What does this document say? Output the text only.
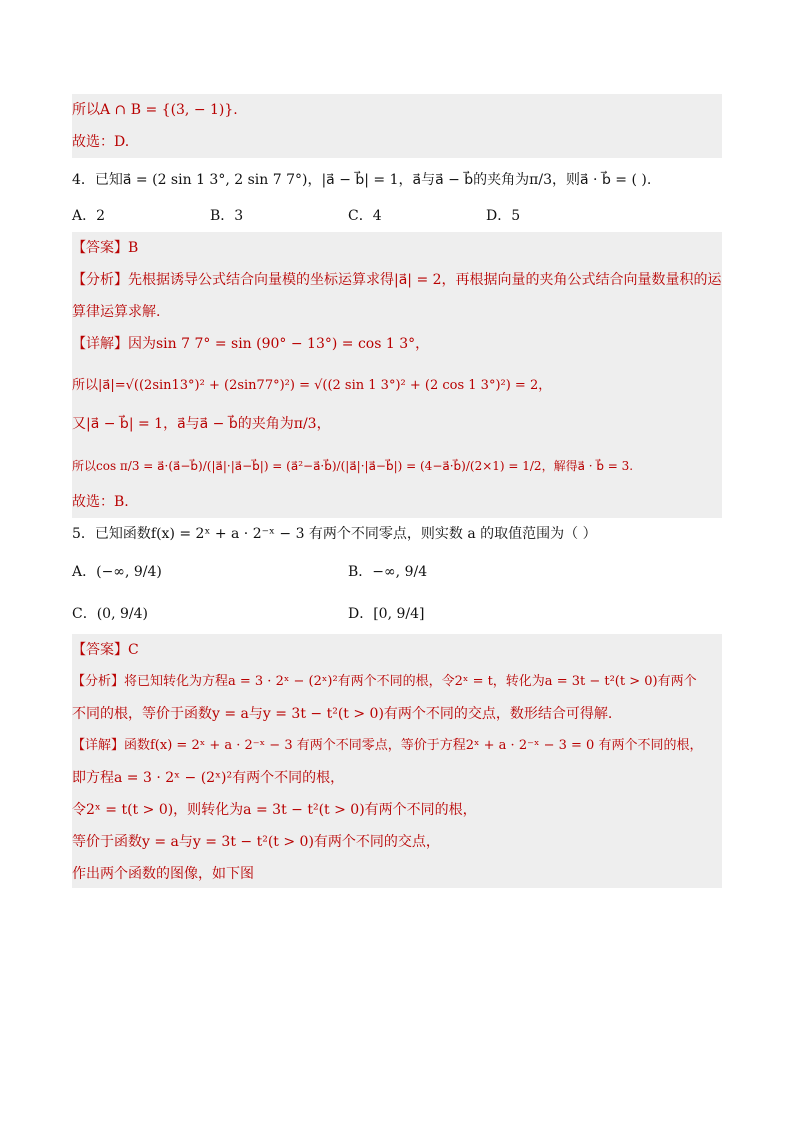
所以A ∩ B = {(3, − 1)}.
故选：D.
4．已知a⃗ = (2 sin 1 3°, 2 sin 7 7°)，|a⃗ − b⃗| = 1，a⃗与a⃗ − b⃗的夹角为π/3，则a⃗ · b⃗ = ( ).
A．2	B．3	C．4	D．5
【答案】B
【分析】先根据诱导公式结合向量模的坐标运算求得|a⃗| = 2，再根据向量的夹角公式结合向量数量积的运
算律运算求解.
【详解】因为sin 7 7° = sin (90° − 13°) = cos 1 3°，
所以|a⃗|=√((2sin13°)² + (2sin77°)²) = √((2 sin 1 3°)² + (2 cos 1 3°)²) = 2，
又|a⃗ − b⃗| = 1，a⃗与a⃗ − b⃗的夹角为π/3，
所以cos π/3 = a⃗·(a⃗−b⃗)/(|a⃗|·|a⃗−b⃗|) = (a⃗²−a⃗·b⃗)/(|a⃗|·|a⃗−b⃗|) = (4−a⃗·b⃗)/(2×1) = 1/2，解得a⃗ · b⃗ = 3.
故选：B.
5．已知函数f(x) = 2ˣ + a · 2⁻ˣ − 3 有两个不同零点，则实数 a 的取值范围为（ ）
A．(−∞, 9/4)	B．−∞, 9/4
C．(0, 9/4)	D．[0, 9/4]
【答案】C
【分析】将已知转化为方程a = 3 · 2ˣ − (2ˣ)²有两个不同的根，令2ˣ = t，转化为a = 3t − t²(t > 0)有两个
不同的根，等价于函数y = a与y = 3t − t²(t > 0)有两个不同的交点，数形结合可得解.
【详解】函数f(x) = 2ˣ + a · 2⁻ˣ − 3 有两个不同零点，等价于方程2ˣ + a · 2⁻ˣ − 3 = 0 有两个不同的根，
即方程a = 3 · 2ˣ − (2ˣ)²有两个不同的根，
令2ˣ = t(t > 0)，则转化为a = 3t − t²(t > 0)有两个不同的根，
等价于函数y = a与y = 3t − t²(t > 0)有两个不同的交点，
作出两个函数的图像，如下图
